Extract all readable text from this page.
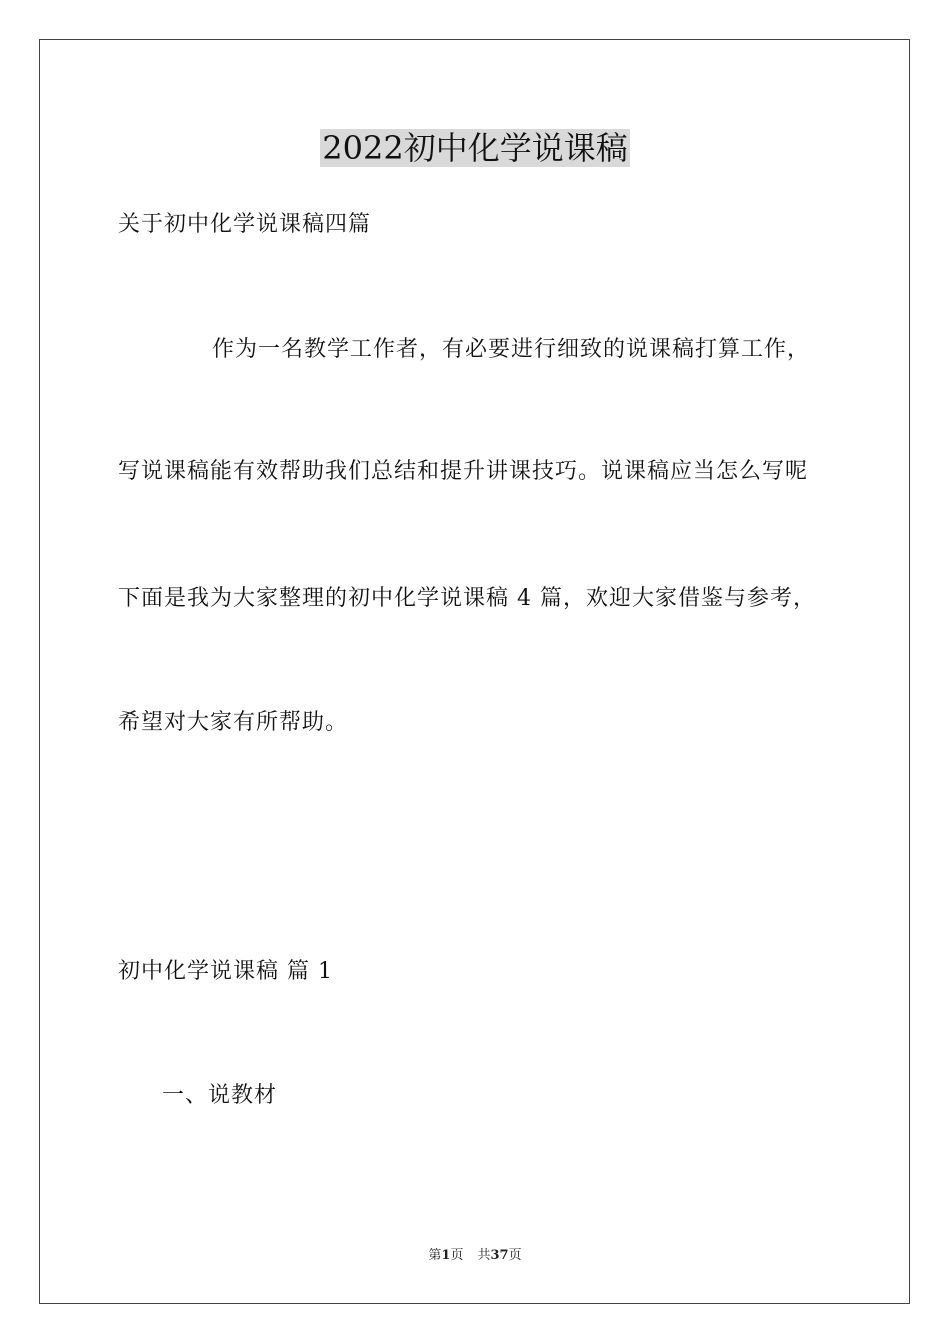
2022初中化学说课稿
关于初中化学说课稿四篇
作为一名教学工作者，有必要进行细致的说课稿打算工作，
写说课稿能有效帮助我们总结和提升讲课技巧。说课稿应当怎么写呢
下面是我为大家整理的初中化学说课稿 4 篇，欢迎大家借鉴与参考，
希望对大家有所帮助。
初中化学说课稿 篇 1
一、说教材
第1页 共37页
